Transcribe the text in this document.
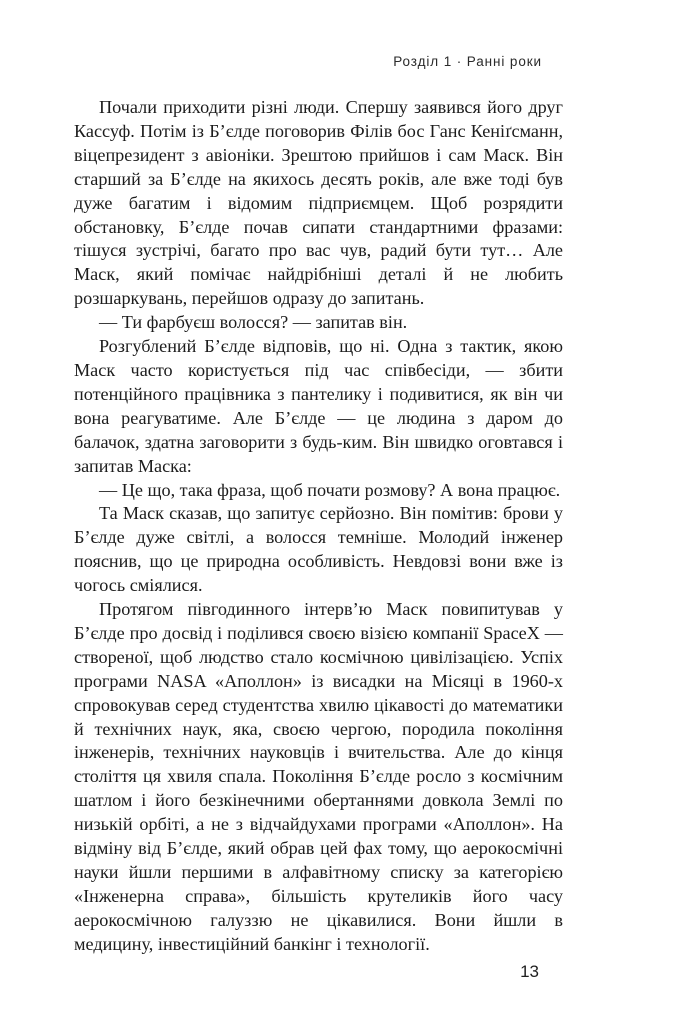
Розділ 1 · Ранні роки

Почали приходити різні люди. Спершу заявився його друг Кассуф. Потім із Бʼєлде поговорив Філів бос Ганс Кеніґсманн, віцепрезидент з авіоніки. Зрештою прийшов і сам Маск. Він старший за Бʼєлде на якихось десять років, але вже тоді був дуже багатим і відомим підприємцем. Щоб розрядити обстановку, Бʼєлде почав сипати стандартними фразами: тішуся зустрічі, багато про вас чув, радий бути тут… Але Маск, який помічає найдрібніші деталі й не любить розшаркувань, перейшов одразу до запитань.

— Ти фарбуєш волосся? — запитав він.

Розгублений Бʼєлде відповів, що ні. Одна з тактик, якою Маск часто користується під час співбесіди, — збити потенційного працівника з пантелику і подивитися, як він чи вона реагуватиме. Але Бʼєлде — це людина з даром до балачок, здатна заговорити з будь-ким. Він швидко оговтався і запитав Маска:

— Це що, така фраза, щоб почати розмову? А вона працює.

Та Маск сказав, що запитує серйозно. Він помітив: брови у Бʼєлде дуже світлі, а волосся темніше. Молодий інженер пояснив, що це природна особливість. Невдовзі вони вже із чогось сміялися.

Протягом півгодинного інтервʼю Маск повипитував у Бʼєлде про досвід і поділився своєю візією компанії SpaceX — створеної, щоб людство стало космічною цивілізацією. Успіх програми NASA «Аполлон» із висадки на Місяці в 1960-х спровокував серед студентства хвилю цікавості до математики й технічних наук, яка, своєю чергою, породила покоління інженерів, технічних науковців і вчительства. Але до кінця століття ця хвиля спала. Покоління Бʼєлде росло з космічним шатлом і його безкінечними обертаннями довкола Землі по низькій орбіті, а не з відчайдухами програми «Аполлон». На відміну від Бʼєлде, який обрав цей фах тому, що аерокосмічні науки йшли першими в алфавітному списку за категорією «Інженерна справа», більшість крутеликів його часу аерокосмічною галуззю не цікавилися. Вони йшли в медицину, інвестиційний банкінг і технології.

13
